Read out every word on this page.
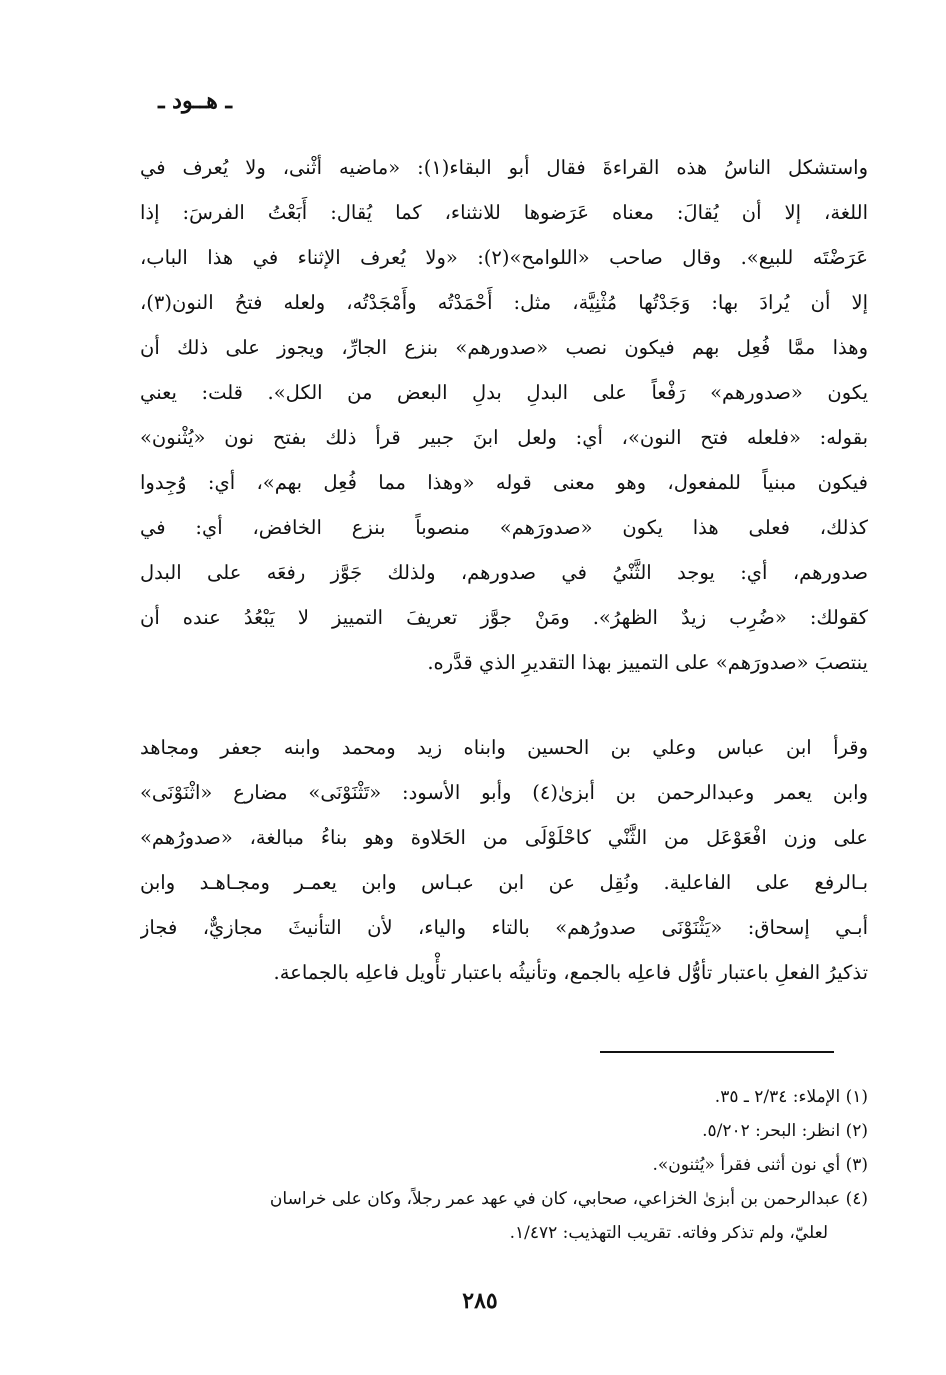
ـ هــود ـ
واستشكل الناسُ هذه القراءةَ فقال أبو البقاء(١): «ماضيه أثْنى، ولا يُعرف في
اللغة، إلا أن يُقالَ: معناه عَرَضوها للانثناء، كما يُقال: أَبَعْتُ الفرسَ: إذا
عَرَضْتَه للبيع». وقال صاحب «اللوامح»(٢): «ولا يُعرف الإثناء في هذا الباب،
إلا أن يُرادَ بها: وَجَدْتُها مُثْنِيَّة، مثل: أَحْمَدْتُه وأَمْجَدْتُه، ولعله فتحُ النون(٣)،
وهذا ممَّا فُعِل بهم فيكون نصب «صدورهم» بنزع الجارِّ، ويجوز على ذلك أن
يكون «صدورهم» رَفْعاً على البدلِ بدلِ البعض من الكل». قلت: يعني
بقوله: «فلعله فتح النون»، أي: ولعل ابنَ جبير قرأ ذلك بفتح نون «يُثْنون»
فيكون مبنياً للمفعول، وهو معنى قوله «وهذا مما فُعِل بهم»، أي: وُجِدوا
كذلك، فعلى هذا يكون «صدورَهم» منصوباً بنزع الخافض، أي: في
صدورهم، أي: يوجد الثَّنْيُ في صدورهم، ولذلك جَوَّز رفعَه على البدل
كقولك: «ضُرِب زيدٌ الظهرُ». ومَنْ جوَّز تعريفَ التمييز لا يَبْعُدُ عنده أن
ينتصبَ «صدورَهم» على التمييز بهذا التقديرِ الذي قدَّره.
وقرأ ابن عباس وعلي بن الحسين وابناه زيد ومحمد وابنه جعفر ومجاهد
وابن يعمر وعبدالرحمن بن أبزىٰ(٤) وأبو الأسود: «تَثْنَوْنَى» مضارع «اثْنَوْنَى»
على وزن افْعَوْعَل من الثَّنْي كاحْلَوْلَى من الحَلاوة وهو بناءُ مبالغة، «صدورُهم»
بـالرفع على الفاعلية. ونُقِل عن ابن عبـاس وابن يعمـر ومجـاهـد وابن
أبـي إسحاق: «يَثْنَوْنَى صدورُهم» بالتاء والياء، لأن التأنيثَ مجازيٌّ، فجاز
تذكيرُ الفعلِ باعتبار تأوُّل فاعلِه بالجمع، وتأنيثُه باعتبار تأْويل فاعلِه بالجماعة.
(١) الإملاء: ٢/٣٤ ـ ٣٥.
(٢) انظر: البحر: ٥/٢٠٢.
(٣) أي نون أثنى فقرأ «يُثنون».
(٤) عبدالرحمن بن أبزىٰ الخزاعي، صحابي، كان في عهد عمر رجلاً، وكان على خراسان
لعليّ، ولم تذكر وفاته. تقريب التهذيب: ١/٤٧٢.
٢٨٥
